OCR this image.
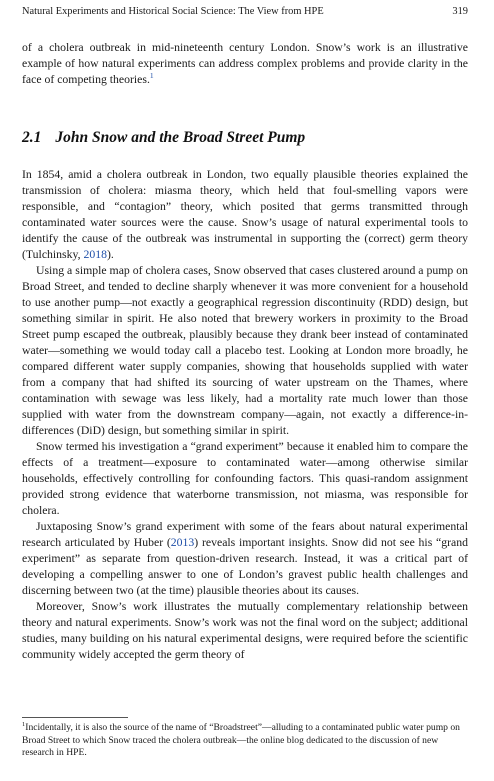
Natural Experiments and Historical Social Science: The View from HPE	319
of a cholera outbreak in mid-nineteenth century London. Snow’s work is an illustrative example of how natural experiments can address complex problems and provide clarity in the face of competing theories.$^1$
2.1 John Snow and the Broad Street Pump

In 1854, amid a cholera outbreak in London, two equally plausible theories explained the transmission of cholera: miasma theory, which held that foul-smelling vapors were responsible, and “contagion” theory, which posited that germs transmitted through contaminated water sources were the cause. Snow’s usage of natural experimental tools to identify the cause of the outbreak was instrumental in supporting the (correct) germ theory (Tulchinsky, 2018).

Using a simple map of cholera cases, Snow observed that cases clustered around a pump on Broad Street, and tended to decline sharply whenever it was more convenient for a household to use another pump—not exactly a geographical regression discontinuity (RDD) design, but something similar in spirit. He also noted that brewery workers in proximity to the Broad Street pump escaped the outbreak, plausibly because they drank beer instead of contaminated water—something we would today call a placebo test. Looking at London more broadly, he compared different water supply companies, showing that households supplied with water from a company that had shifted its sourcing of water upstream on the Thames, where contamination with sewage was less likely, had a mortality rate much lower than those supplied with water from the downstream company—again, not exactly a difference-in-differences (DiD) design, but something similar in spirit.

Snow termed his investigation a “grand experiment” because it enabled him to compare the effects of a treatment—exposure to contaminated water—among otherwise similar households, effectively controlling for confounding factors. This quasi-random assignment provided strong evidence that waterborne transmission, not miasma, was responsible for cholera.

Juxtaposing Snow’s grand experiment with some of the fears about natural experimental research articulated by Huber (2013) reveals important insights. Snow did not see his “grand experiment” as separate from question-driven research. Instead, it was a critical part of developing a compelling answer to one of London’s gravest public health challenges and discerning between two (at the time) plausible theories about its causes.

Moreover, Snow’s work illustrates the mutually complementary relationship between theory and natural experiments. Snow’s work was not the final word on the subject; additional studies, many building on his natural experimental designs, were required before the scientific community widely accepted the germ theory of

$^1$Incidentally, it is also the source of the name of “Broadstreet”—alluding to a contaminated public water pump on Broad Street to which Snow traced the cholera outbreak—the online blog dedicated to the discussion of new research in HPE.
